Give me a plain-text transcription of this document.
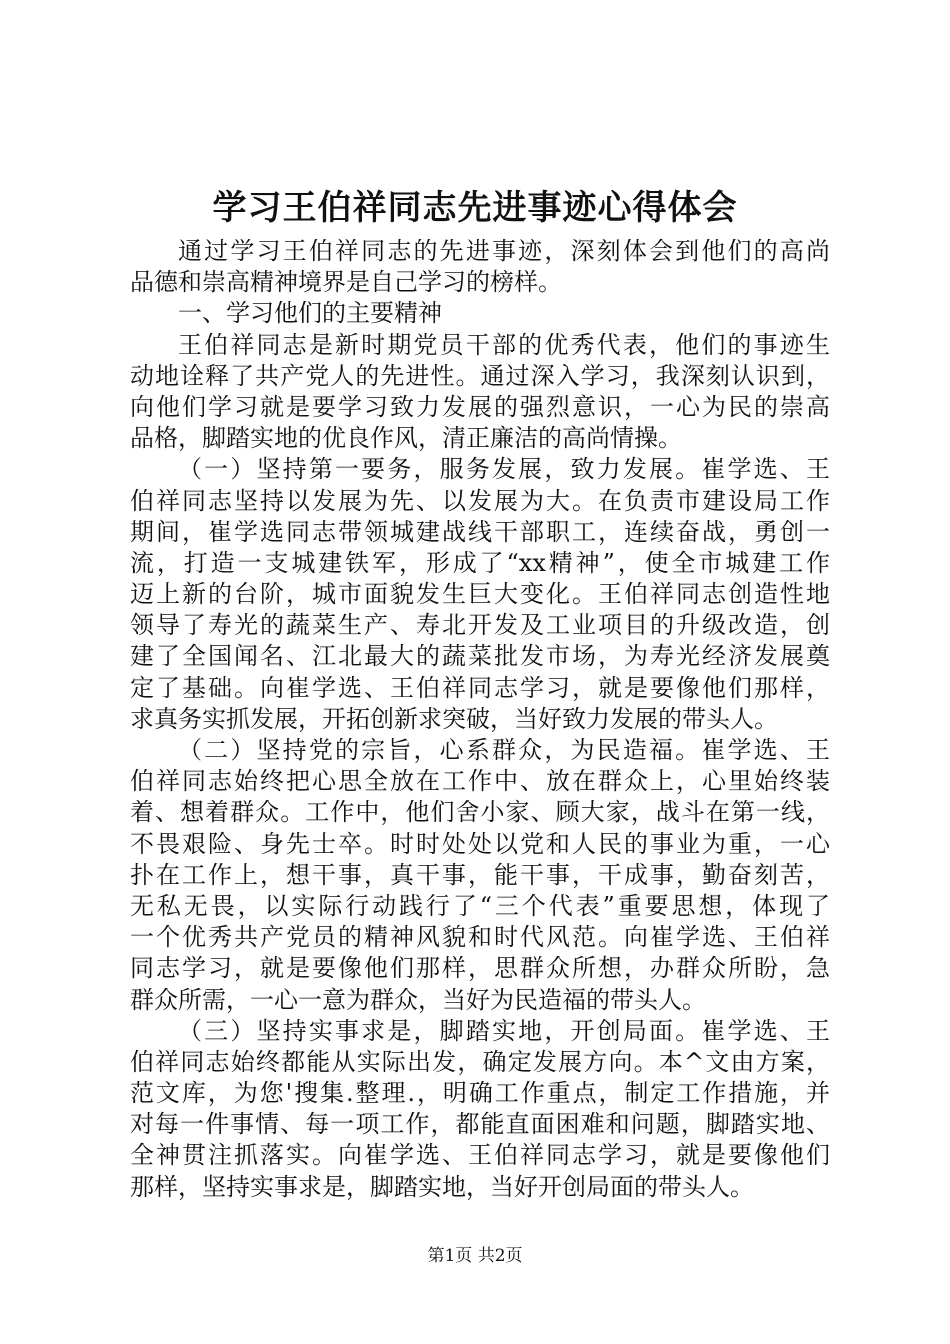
学习王伯祥同志先进事迹心得体会
通过学习王伯祥同志的先进事迹，深刻体会到他们的高尚
品德和崇高精神境界是自己学习的榜样。
一、学习他们的主要精神
王伯祥同志是新时期党员干部的优秀代表，他们的事迹生
动地诠释了共产党人的先进性。通过深入学习，我深刻认识到，
向他们学习就是要学习致力发展的强烈意识，一心为民的崇高
品格，脚踏实地的优良作风，清正廉洁的高尚情操。
（一）坚持第一要务，服务发展，致力发展。崔学选、王
伯祥同志坚持以发展为先、以发展为大。在负责市建设局工作
期间，崔学选同志带领城建战线干部职工，连续奋战，勇创一
流，打造一支城建铁军，形成了“xx精神”，使全市城建工作
迈上新的台阶，城市面貌发生巨大变化。王伯祥同志创造性地
领导了寿光的蔬菜生产、寿北开发及工业项目的升级改造，创
建了全国闻名、江北最大的蔬菜批发市场，为寿光经济发展奠
定了基础。向崔学选、王伯祥同志学习，就是要像他们那样，
求真务实抓发展，开拓创新求突破，当好致力发展的带头人。
（二）坚持党的宗旨，心系群众，为民造福。崔学选、王
伯祥同志始终把心思全放在工作中、放在群众上，心里始终装
着、想着群众。工作中，他们舍小家、顾大家，战斗在第一线，
不畏艰险、身先士卒。时时处处以党和人民的事业为重，一心
扑在工作上，想干事，真干事，能干事，干成事，勤奋刻苦，
无私无畏，以实际行动践行了“三个代表”重要思想，体现了
一个优秀共产党员的精神风貌和时代风范。向崔学选、王伯祥
同志学习，就是要像他们那样，思群众所想，办群众所盼，急
群众所需，一心一意为群众，当好为民造福的带头人。
（三）坚持实事求是，脚踏实地，开创局面。崔学选、王
伯祥同志始终都能从实际出发，确定发展方向。本^文由方案，
范文库，为您'搜集.整理.，明确工作重点，制定工作措施，并
对每一件事情、每一项工作，都能直面困难和问题，脚踏实地、
全神贯注抓落实。向崔学选、王伯祥同志学习，就是要像他们
那样，坚持实事求是，脚踏实地，当好开创局面的带头人。
第1页 共2页
